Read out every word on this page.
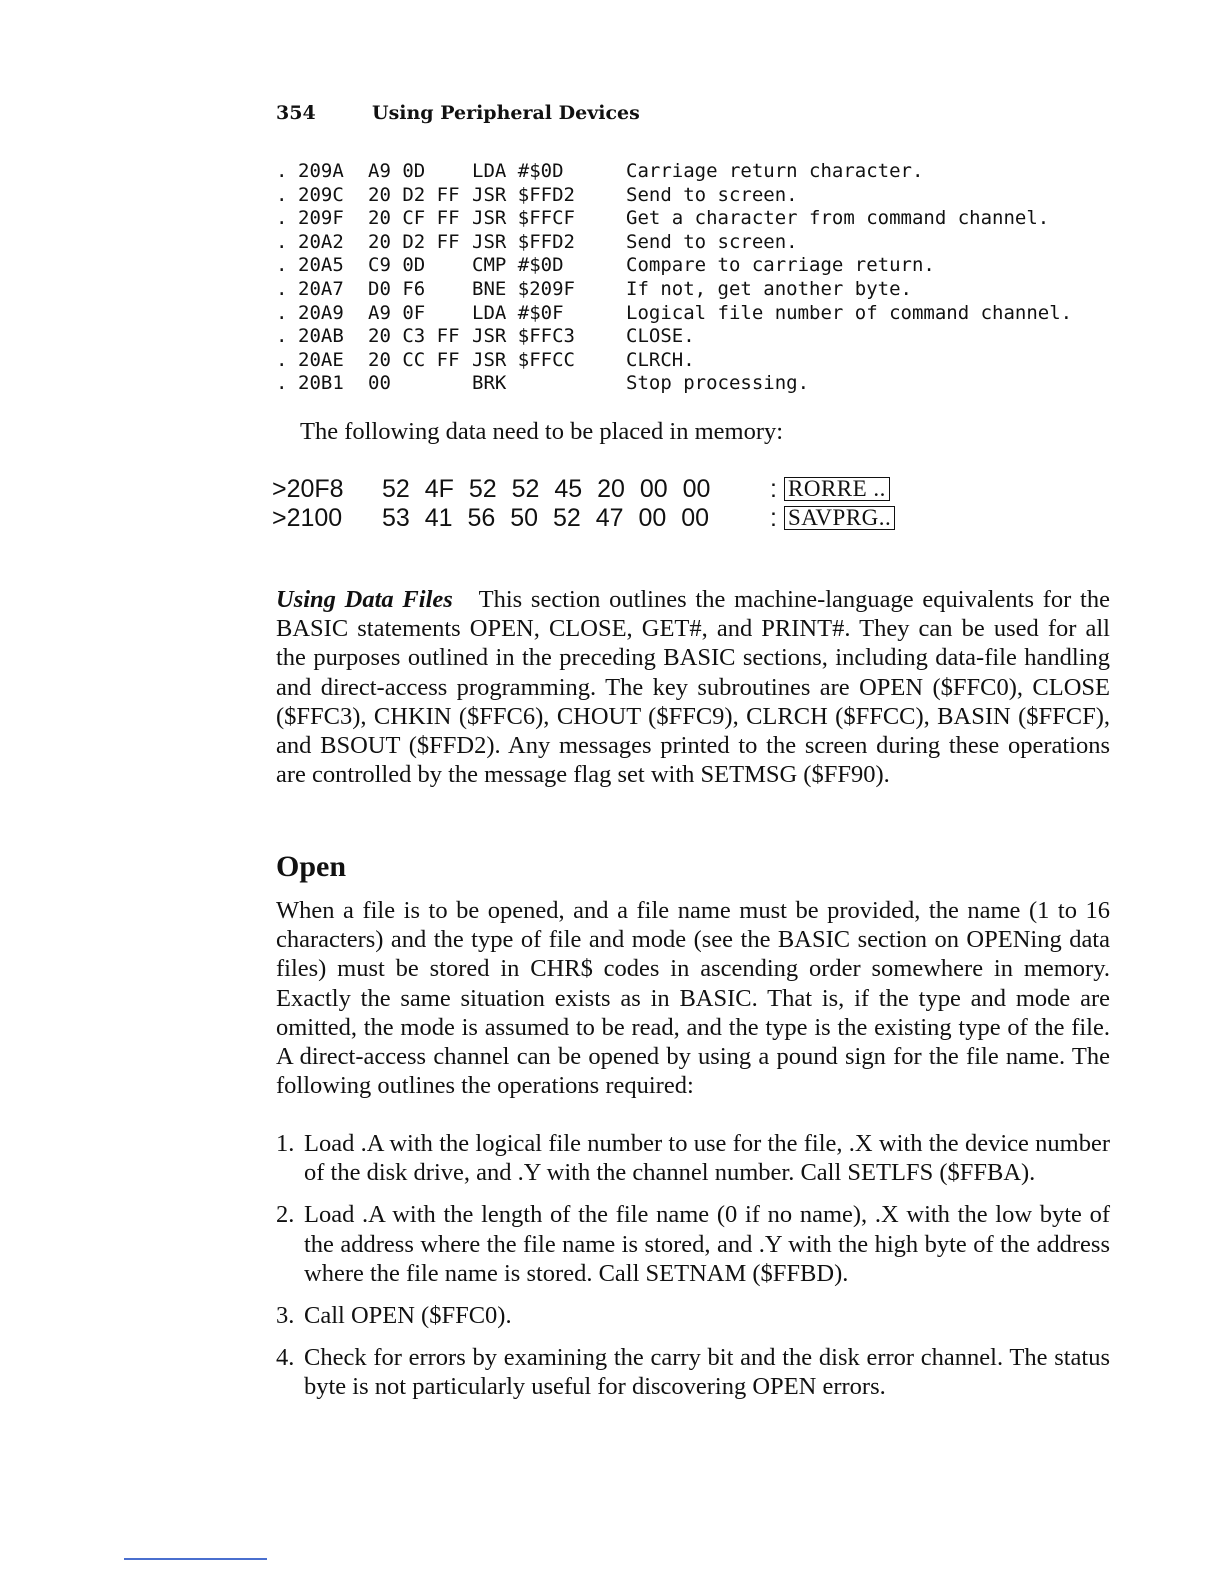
354	Using Peripheral Devices
. 209A	A9 0D	LDA #$0D	Carriage return character.
. 209C	20 D2 FF JSR $FFD2	Send to screen.
. 209F	20 CF FF JSR $FFCF	Get a character from command channel.
. 20A2	20 D2 FF JSR $FFD2	Send to screen.
. 20A5	C9 0D	CMP #$0D	Compare to carriage return.
. 20A7	D0 F6	BNE $209F	If not, get another byte.
. 20A9	A9 0F	LDA #$0F	Logical file number of command channel.
. 20AB	20 C3 FF JSR $FFC3	CLOSE.
. 20AE	20 CC FF JSR $FFCC	CLRCH.
. 20B1	00	BRK	Stop processing.
The following data need to be placed in memory:
>20F8	52 4F 52 52 45 20 00 00	: RORRE ..
>2100	53 41 56 50 52 47 00 00	: SAVPRG..

Using Data Files This section outlines the machine-language equivalents for the BASIC statements OPEN, CLOSE, GET#, and PRINT#. They can be used for all the purposes outlined in the preceding BASIC sections, including data-file handling and direct-access programming. The key subroutines are OPEN ($FFC0), CLOSE ($FFC3), CHKIN ($FFC6), CHOUT ($FFC9), CLRCH ($FFCC), BASIN ($FFCF), and BSOUT ($FFD2). Any messages printed to the screen during these operations are controlled by the message flag set with SETMSG ($FF90).

Open

When a file is to be opened, and a file name must be provided, the name (1 to 16 characters) and the type of file and mode (see the BASIC section on OPENing data files) must be stored in CHR$ codes in ascending order somewhere in memory. Exactly the same situation exists as in BASIC. That is, if the type and mode are omitted, the mode is assumed to be read, and the type is the existing type of the file. A direct-access channel can be opened by using a pound sign for the file name. The following outlines the operations required:

1. Load .A with the logical file number to use for the file, .X with the device number of the disk drive, and .Y with the channel number. Call SETLFS ($FFBA).
2. Load .A with the length of the file name (0 if no name), .X with the low byte of the address where the file name is stored, and .Y with the high byte of the address where the file name is stored. Call SETNAM ($FFBD).
3. Call OPEN ($FFC0).
4. Check for errors by examining the carry bit and the disk error channel. The status byte is not particularly useful for discovering OPEN errors.
